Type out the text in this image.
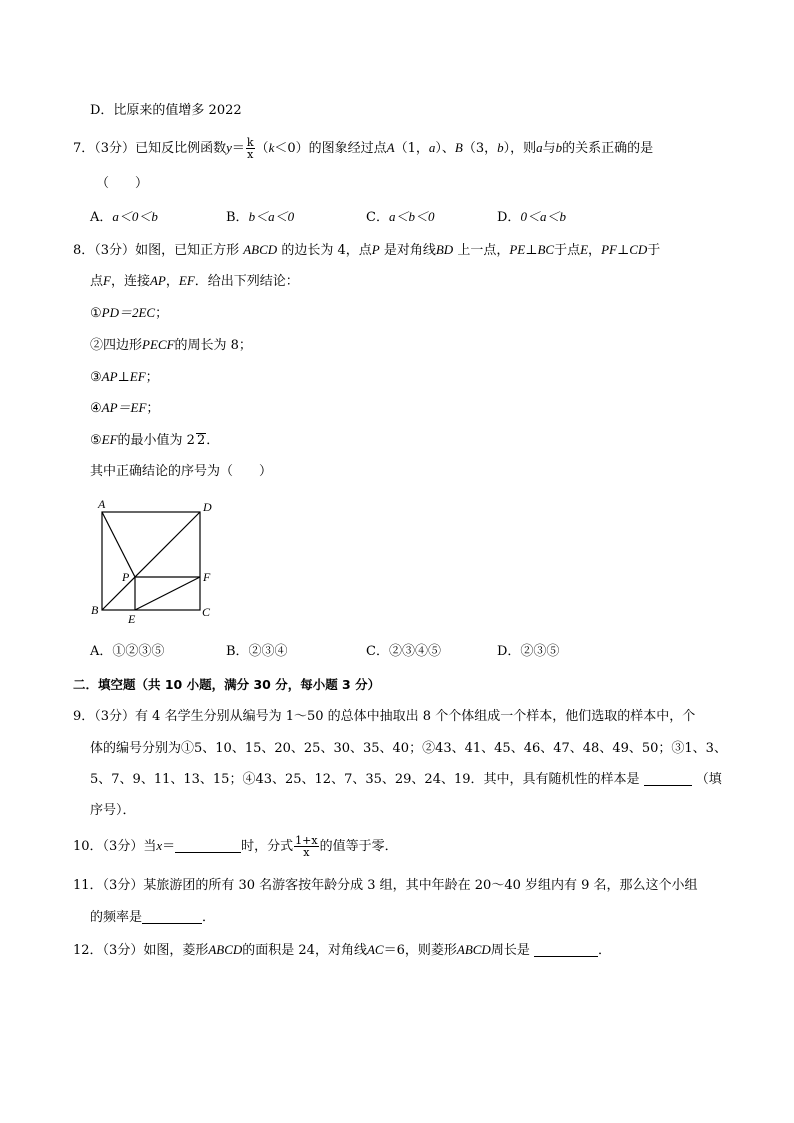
D．比原来的值增多 2022
7．（3分）已知反比例函数$y= \frac{k}{x} (k<0)$的图象经过点A（1，a）、B（3，b），则a与b的关系正确的是
（　　）
A．a＜0＜b	B．b＜a＜0	C．a＜b＜0	D．0＜a＜b
8．（3分）如图，已知正方形 ABCD 的边长为 4，点P 是对角线BD 上一点，PE⊥BC于点E，PF⊥CD于
点F，连接AP，EF．给出下列结论：
①PD＝2EC；
②四边形PECF的周长为 8；
③AP⊥EF；
④AP＝EF；
⑤EF的最小值为 2 2．
其中正确结论的序号为（　　）
A	D
B	C
P	F
E
A．①②③⑤	B．②③④	C．②③④⑤	D．②③⑤
二．填空题（共 10 小题，满分 30 分，每小题 3 分）
9．（3分）有 4 名学生分别从编号为 1～50 的总体中抽取出 8 个个体组成一个样本，他们选取的样本中，个
体的编号分别为①5、10、15、20、25、30、35、40；②43、41、45、46、47、48、49、50；③1、3、
5、7、9、11、13、15；④43、25、12、7、35、29、24、19．其中，具有随机性的样本是	（填
序号）．
10．（3分）当x＝	时，分式 $\frac{1+x}{x}$ 的值等于零．
11．（3分）某旅游团的所有 30 名游客按年龄分成 3 组，其中年龄在 20～40 岁组内有 9 名，那么这个小组
的频率是	．
12．（3分）如图，菱形ABCD的面积是 24，对角线AC＝6，则菱形ABCD周长是	．
